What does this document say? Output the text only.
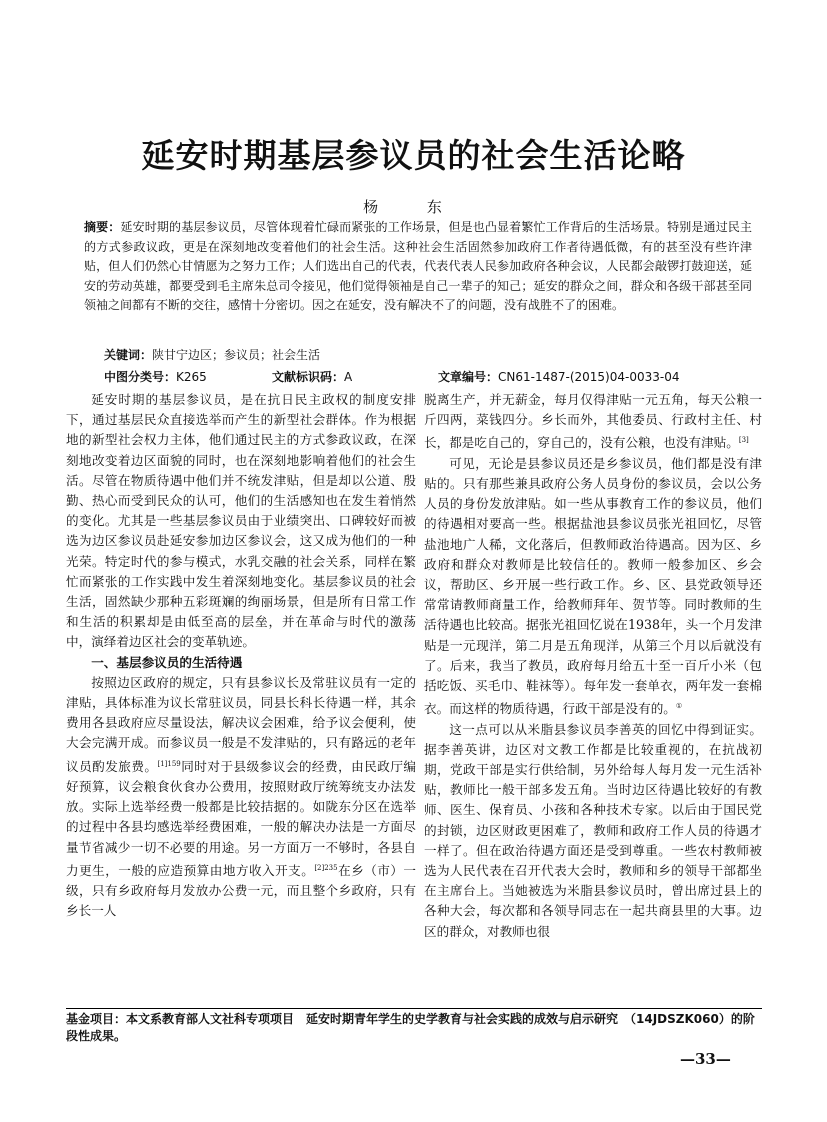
延安时期基层参议员的社会生活论略
杨 东
摘要：延安时期的基层参议员，尽管体现着忙碌而紧张的工作场景，但是也凸显着繁忙工作背后的生活场景。特别是通过民主的方式参政议政，更是在深刻地改变着他们的社会生活。这种社会生活固然参加政府工作者待遇低微，有的甚至没有些许津贴，但人们仍然心甘情愿为之努力工作；人们选出自己的代表，代表代表人民参加政府各种会议，人民都会敲锣打鼓迎送，延安的劳动英雄，都要受到毛主席朱总司令接见，他们觉得领袖是自己一辈子的知己；延安的群众之间，群众和各级干部甚至同领袖之间都有不断的交往，感情十分密切。因之在延安，没有解决不了的问题，没有战胜不了的困难。
关键词：陕甘宁边区；参议员；社会生活
中图分类号：K265	文献标识码：A	文章编号：CN61-1487-(2015)04-0033-04

延安时期的基层参议员，是在抗日民主政权的制度安排下，通过基层民众直接选举而产生的新型社会群体。作为根据地的新型社会权力主体，他们通过民主的方式参政议政，在深刻地改变着边区面貌的同时，也在深刻地影响着他们的社会生活。尽管在物质待遇中他们并不统发津贴，但是却以公道、殷勤、热心而受到民众的认可，他们的生活感知也在发生着悄然的变化。尤其是一些基层参议员由于业绩突出、口碑较好而被选为边区参议员赴延安参加边区参议会，这又成为他们的一种光荣。特定时代的参与模式，水乳交融的社会关系，同样在繁忙而紧张的工作实践中发生着深刻地变化。基层参议员的社会生活，固然缺少那种五彩斑斓的绚丽场景，但是所有日常工作和生活的积累却是由低至高的层垒，并在革命与时代的激荡中，演绎着边区社会的变革轨迹。

一、基层参议员的生活待遇

按照边区政府的规定，只有县参议长及常驻议员有一定的津贴，具体标准为议长常驻议员，同县长科长待遇一样，其余费用各县政府应尽量设法，解决议会困难，给予议会便利，使大会完满开成。而参议员一般是不发津贴的，只有路远的老年议员酌发旅费。$^{[1]159}$同时对于县级参议会的经费，由民政厅编好预算，议会粮食伙食办公费用，按照财政厅统筹统支办法发放。实际上选举经费一般都是比较拮据的。如陇东分区在选举的过程中各县均感选举经费困难，一般的解决办法是一方面尽量节省减少一切不必要的用途。另一方面万一不够时，各县自力更生，一般的应造预算由地方收入开支。$^{[2]235}$在乡（市）一级，只有乡政府每月发放办公费一元，而且整个乡政府，只有乡长一人

脱离生产，并无薪金，每月仅得津贴一元五角，每天公粮一斤四两，菜钱四分。乡长而外，其他委员、行政村主任、村长，都是吃自己的，穿自己的，没有公粮，也没有津贴。[3]

可见，无论是县参议员还是乡参议员，他们都是没有津贴的。只有那些兼具政府公务人员身份的参议员，会以公务人员的身份发放津贴。如一些从事教育工作的参议员，他们的待遇相对要高一些。根据盐池县参议员张光祖回忆，尽管盐池地广人稀，文化落后，但教师政治待遇高。因为区、乡政府和群众对教师是比较信任的。教师一般参加区、乡会议，帮助区、乡开展一些行政工作。乡、区、县党政领导还常常请教师商量工作，给教师拜年、贺节等。同时教师的生活待遇也比较高。据张光祖回忆说在1938年，头一个月发津贴是一元现洋，第二月是五角现洋，从第三个月以后就没有了。后来，我当了教员，政府每月给五十至一百斤小米（包括吃饭、买毛巾、鞋袜等）。每年发一套单衣，两年发一套棉衣。而这样的物质待遇，行政干部是没有的。①

这一点可以从米脂县参议员李善英的回忆中得到证实。据李善英讲，边区对文教工作都是比较重视的，在抗战初期，党政干部是实行供给制，另外给每人每月发一元生活补贴，教师比一般干部多发五角。当时边区待遇比较好的有教师、医生、保育员、小孩和各种技术专家。以后由于国民党的封锁，边区财政更困难了，教师和政府工作人员的待遇才一样了。但在政治待遇方面还是受到尊重。一些农村教师被选为人民代表在召开代表大会时，教师和乡的领导干部都坐在主席台上。当她被选为米脂县参议员时，曾出席过县上的各种大会，每次都和各领导同志在一起共商县里的大事。边区的群众，对教师也很

基金项目：本文系教育部人文社科专项项目　延安时期青年学生的史学教育与社会实践的成效与启示研究　（14JDSZK060）的阶段性成果。
—33—
